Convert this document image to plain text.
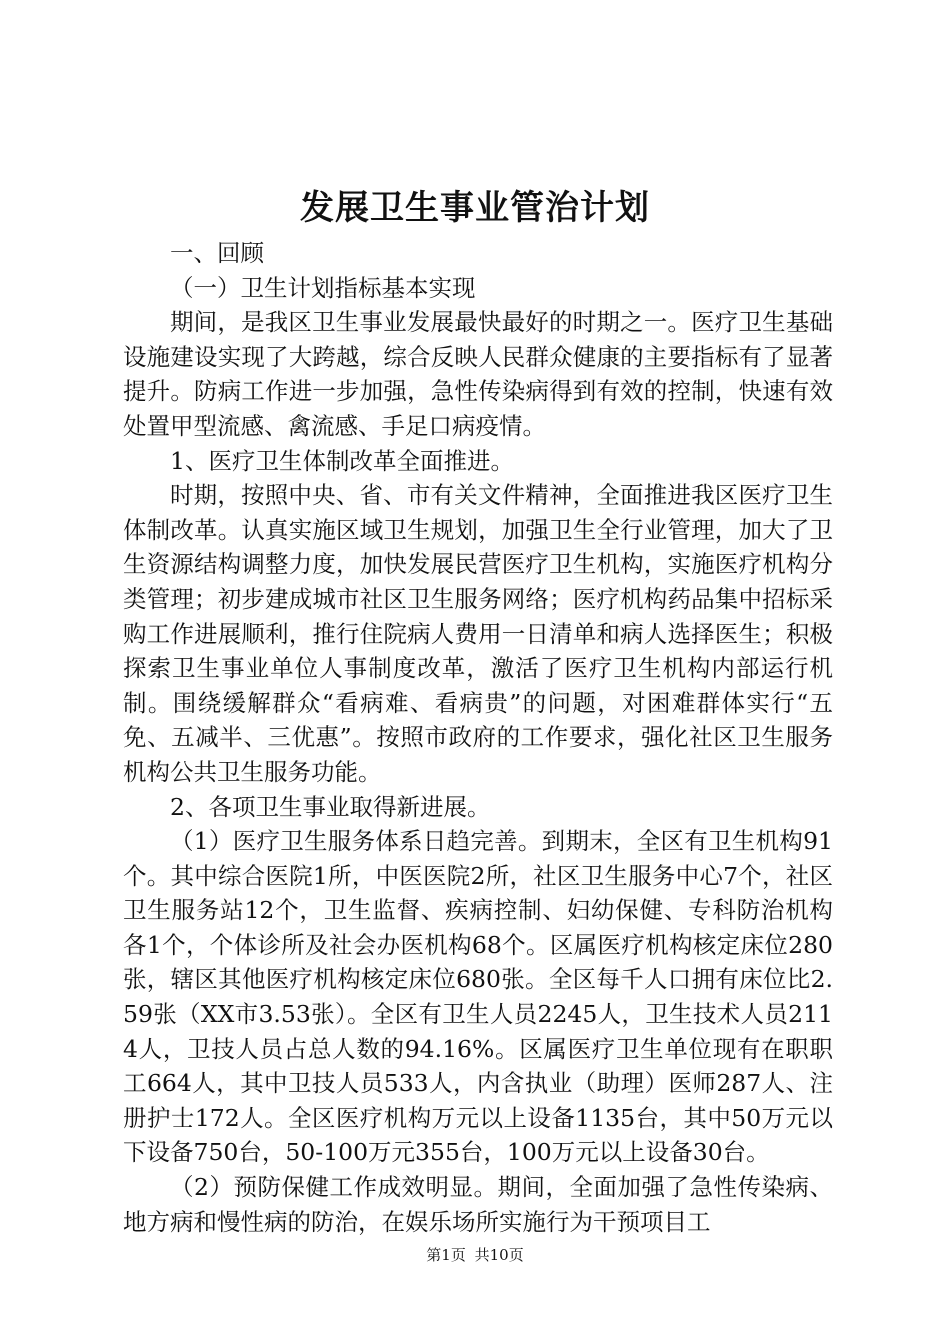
发展卫生事业管治计划

一、回顾

（一）卫生计划指标基本实现

期间，是我区卫生事业发展最快最好的时期之一。医疗卫生基础设施建设实现了大跨越，综合反映人民群众健康的主要指标有了显著提升。防病工作进一步加强，急性传染病得到有效的控制，快速有效处置甲型流感、禽流感、手足口病疫情。

1、医疗卫生体制改革全面推进。

时期，按照中央、省、市有关文件精神，全面推进我区医疗卫生体制改革。认真实施区域卫生规划，加强卫生全行业管理，加大了卫生资源结构调整力度，加快发展民营医疗卫生机构，实施医疗机构分类管理；初步建成城市社区卫生服务网络；医疗机构药品集中招标采购工作进展顺利，推行住院病人费用一日清单和病人选择医生；积极探索卫生事业单位人事制度改革，激活了医疗卫生机构内部运行机制。围绕缓解群众“看病难、看病贵”的问题，对困难群体实行“五免、五减半、三优惠”。按照市政府的工作要求，强化社区卫生服务机构公共卫生服务功能。

2、各项卫生事业取得新进展。

（1）医疗卫生服务体系日趋完善。到期末，全区有卫生机构91个。其中综合医院1所，中医医院2所，社区卫生服务中心7个，社区卫生服务站12个，卫生监督、疾病控制、妇幼保健、专科防治机构各1个，个体诊所及社会办医机构68个。区属医疗机构核定床位280张，辖区其他医疗机构核定床位680张。全区每千人口拥有床位比2.59张（XX市3.53张）。全区有卫生人员2245人，卫生技术人员2114人，卫技人员占总人数的94.16%。区属医疗卫生单位现有在职职工664人，其中卫技人员533人，内含执业（助理）医师287人、注册护士172人。全区医疗机构万元以上设备1135台，其中50万元以下设备750台，50-100万元355台，100万元以上设备30台。

（2）预防保健工作成效明显。期间，全面加强了急性传染病、地方病和慢性病的防治，在娱乐场所实施行为干预项目工

第1页 共10页
